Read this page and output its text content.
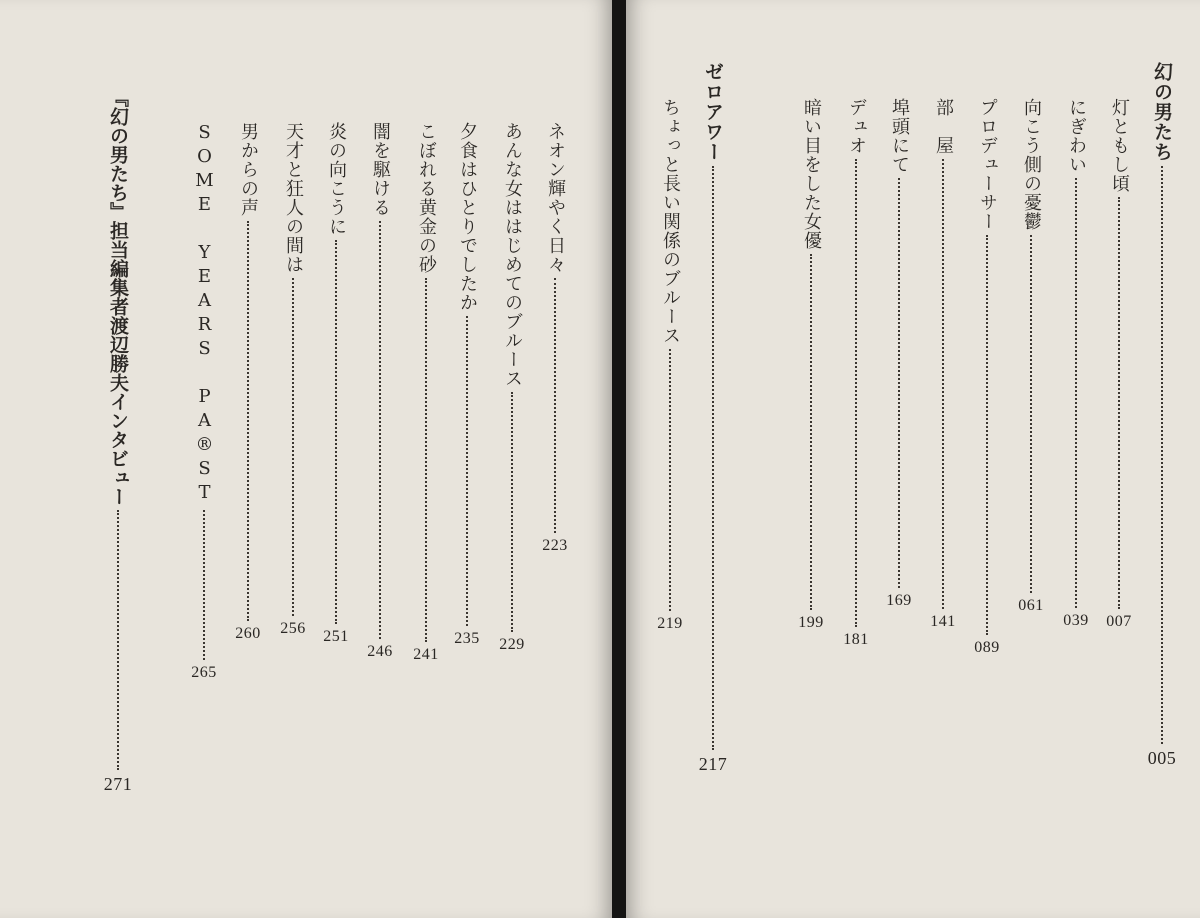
ネオン輝やく日々
223
あんな女ははじめてのブルース
229
夕食はひとりでしたか
235
こぼれる黄金の砂
241
闇を駆ける
246
炎の向こうに
251
天才と狂人の間は
256
男からの声
260
SOME YEARS PA®ST
265
『幻の男たち』担当編集者渡辺勝夫インタビュー
271
幻の男たち
005
灯ともし頃
007
にぎわい
039
向こう側の憂鬱
061
プロデューサー
089
部　屋
141
埠頭にて
169
デュオ
181
暗い目をした女優
199
ゼロアワー
217
ちょっと長い関係のブルース
219
